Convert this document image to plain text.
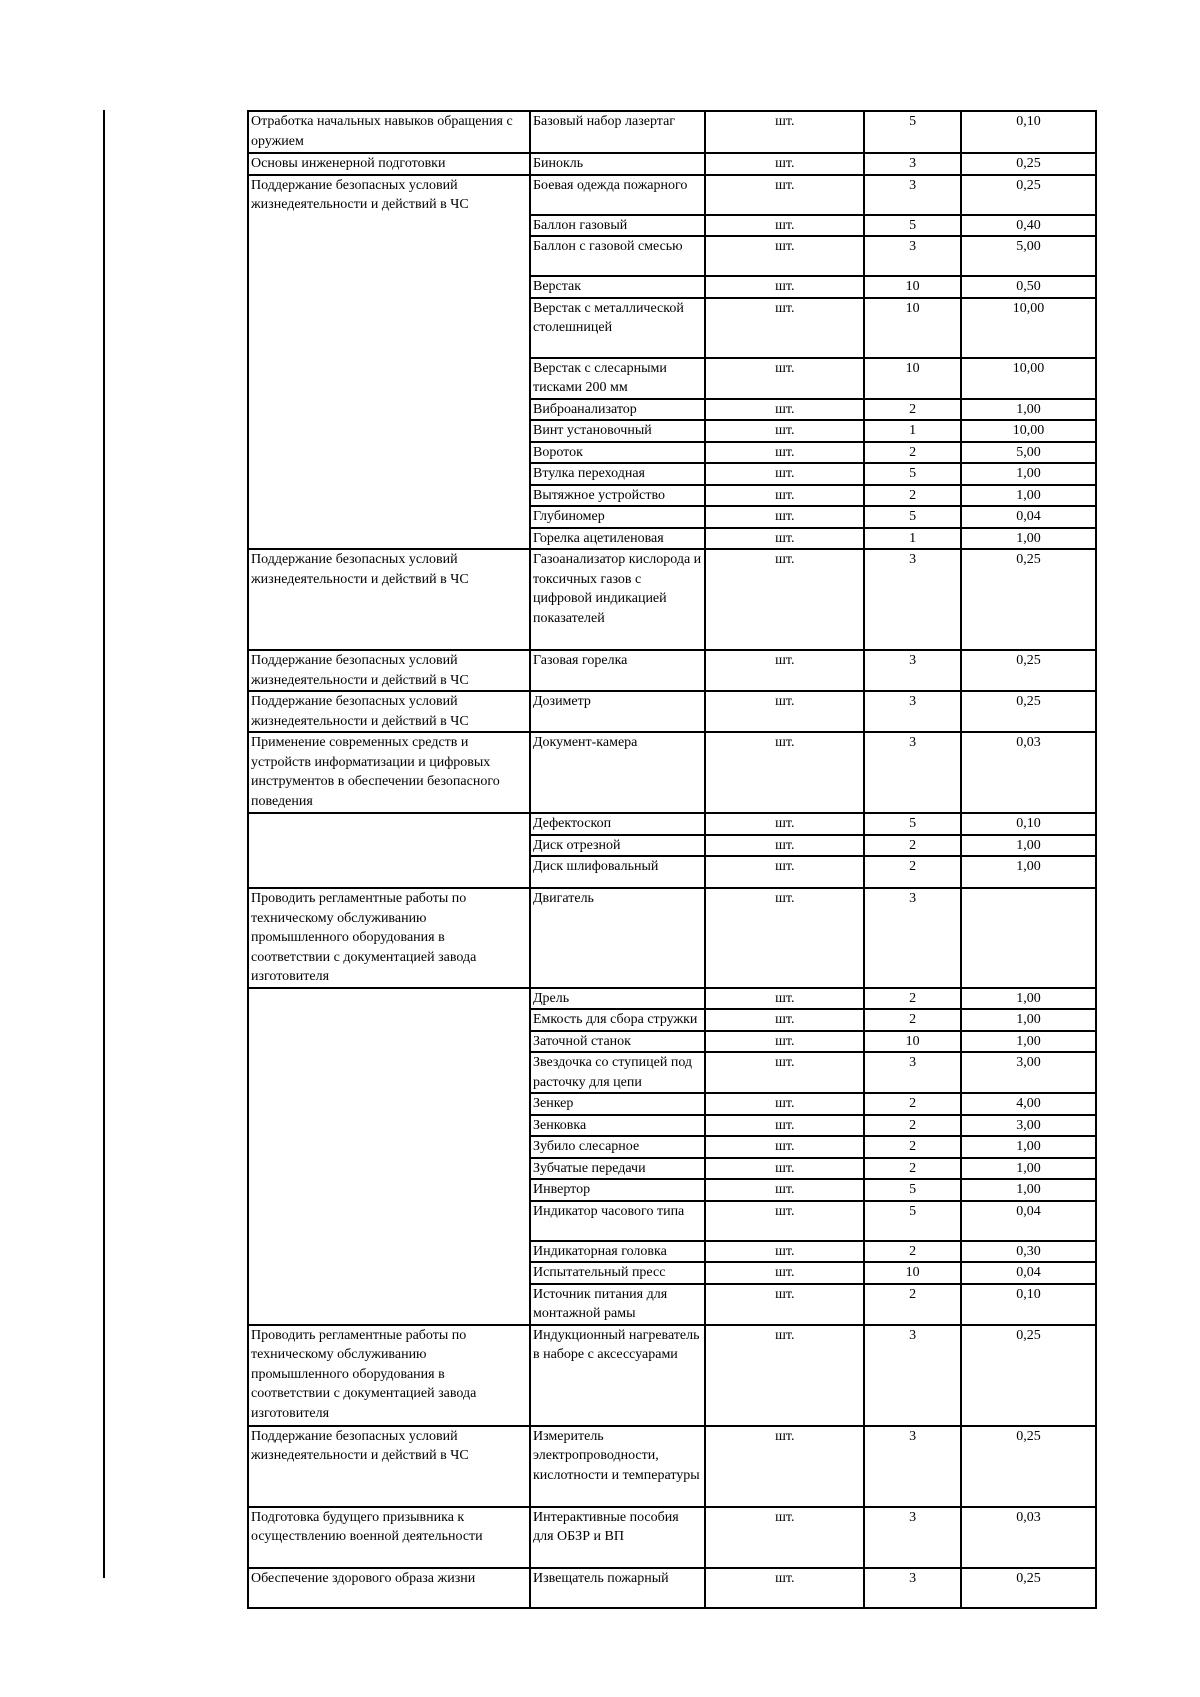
Отработка начальных навыков обращения с оружием	Базовый набор лазертаг	шт.	5	0,10
Основы инженерной подготовки	Бинокль	шт.	3	0,25
Поддержание безопасных условий жизнедеятельности и действий в ЧС	Боевая одежда пожарного	шт.	3	0,25
	Баллон газовый	шт.	5	0,40
	Баллон с газовой смесью	шт.	3	5,00
	Верстак	шт.	10	0,50
	Верстак с металлической столешницей	шт.	10	10,00
	Верстак с слесарными тисками 200 мм	шт.	10	10,00
	Виброанализатор	шт.	2	1,00
	Винт установочный	шт.	1	10,00
	Вороток	шт.	2	5,00
	Втулка переходная	шт.	5	1,00
	Вытяжное устройство	шт.	2	1,00
	Глубиномер	шт.	5	0,04
	Горелка ацетиленовая	шт.	1	1,00
Поддержание безопасных условий жизнедеятельности и действий в ЧС	Газоанализатор кислорода и токсичных газов с цифровой индикацией показателей	шт.	3	0,25
Поддержание безопасных условий жизнедеятельности и действий в ЧС	Газовая горелка	шт.	3	0,25
Поддержание безопасных условий жизнедеятельности и действий в ЧС	Дозиметр	шт.	3	0,25
Применение современных средств и устройств информатизации и цифровых инструментов в обеспечении безопасного поведения	Документ-камера	шт.	3	0,03
	Дефектоскоп	шт.	5	0,10
	Диск отрезной	шт.	2	1,00
	Диск шлифовальный	шт.	2	1,00
Проводить регламентные работы по техническому обслуживанию промышленного оборудования в соответствии с документацией завода изготовителя	Двигатель	шт.	3	
	Дрель	шт.	2	1,00
	Емкость для сбора стружки	шт.	2	1,00
	Заточной станок	шт.	10	1,00
	Звездочка со ступицей под расточку для цепи	шт.	3	3,00
	Зенкер	шт.	2	4,00
	Зенковка	шт.	2	3,00
	Зубило слесарное	шт.	2	1,00
	Зубчатые передачи	шт.	2	1,00
	Инвертор	шт.	5	1,00
	Индикатор часового типа	шт.	5	0,04
	Индикаторная головка	шт.	2	0,30
	Испытательный пресс	шт.	10	0,04
	Источник питания для монтажной рамы	шт.	2	0,10
Проводить регламентные работы по техническому обслуживанию промышленного оборудования в соответствии с документацией завода изготовителя	Индукционный нагреватель в наборе с аксессуарами	шт.	3	0,25
Поддержание безопасных условий жизнедеятельности и действий в ЧС	Измеритель электропроводности, кислотности и температуры	шт.	3	0,25
Подготовка будущего призывника к осуществлению военной деятельности	Интерактивные пособия для ОБЗР и ВП	шт.	3	0,03
Обеспечение здорового образа жизни	Извещатель пожарный	шт.	3	0,25
